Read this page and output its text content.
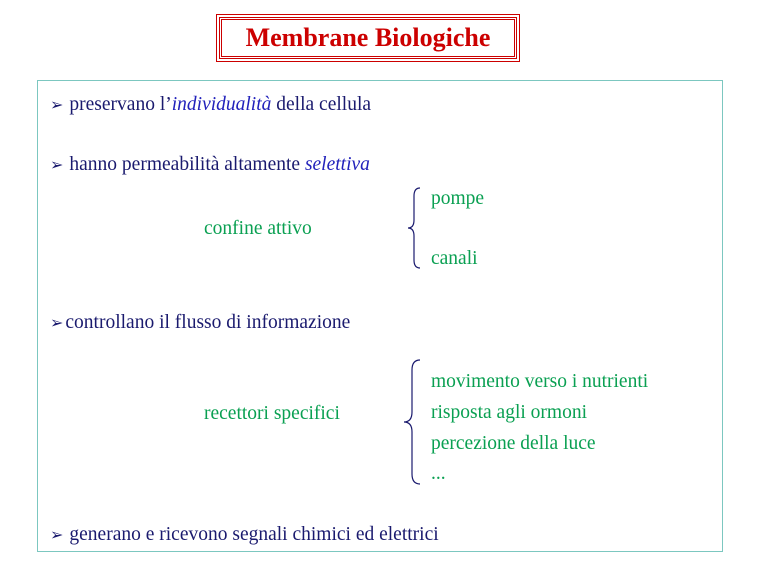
Membrane Biologiche
➢ preservano l’individualità della cellula
➢ hanno permeabilità altamente selettiva
confine attivo
pompe
canali
➢ controllano il flusso di informazione
recettori specifici
movimento verso i nutrienti
risposta agli ormoni
percezione della luce
...
➢ generano e ricevono segnali chimici ed elettrici
